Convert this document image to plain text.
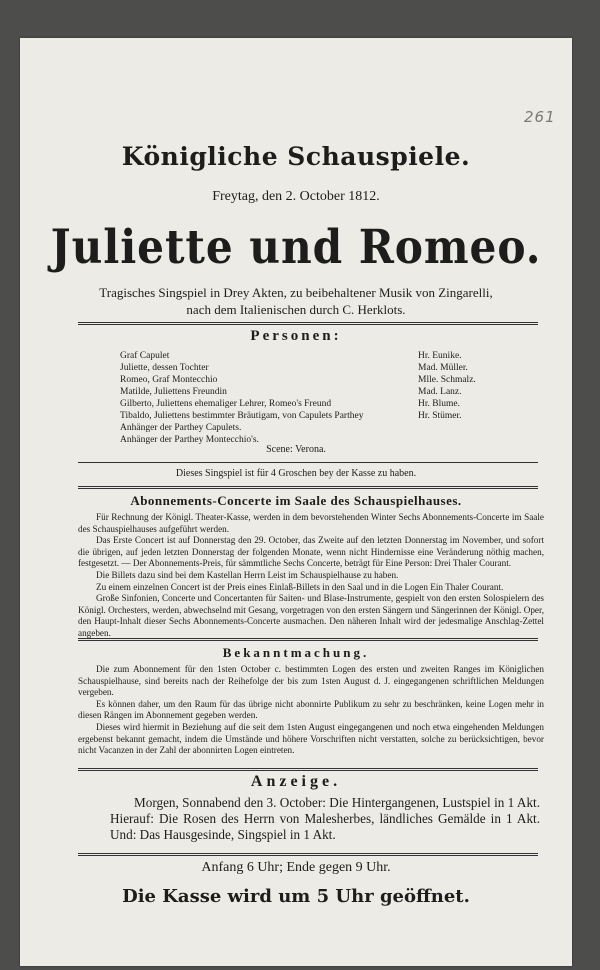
261
Königliche Schauspiele.
Freytag, den 2. October 1812.
Juliette und Romeo.
Tragisches Singspiel in Drey Akten, zu beibehaltener Musik von Zingarelli,
nach dem Italienischen durch C. Herklots.
Personen:
Graf Capulet
Juliette, dessen Tochter
Romeo, Graf Montecchio
Matilde, Juliettens Freundin
Gilberto, Juliettens ehemaliger Lehrer, Romeo's Freund
Tibaldo, Juliettens bestimmter Bräutigam, von Capulets Parthey
Anhänger der Parthey Capulets.
Anhänger der Parthey Montecchio's.
Hr. Eunike.
Mad. Müller.
Mlle. Schmalz.
Mad. Lanz.
Hr. Blume.
Hr. Stümer.
Scene: Verona.
Dieses Singspiel ist für 4 Groschen bey der Kasse zu haben.
Abonnements-Concerte im Saale des Schauspielhauses.

Für Rechnung der Königl. Theater-Kasse, werden in dem bevorstehenden Winter Sechs Abonnements-Concerte im Saale des Schauspielhauses aufgeführt werden.

Das Erste Concert ist auf Donnerstag den 29. October, das Zweite auf den letzten Donnerstag im November, und sofort die übrigen, auf jeden letzten Donnerstag der folgenden Monate, wenn nicht Hindernisse eine Veränderung nöthig machen, festgesetzt. — Der Abonnements-Preis, für sämmtliche Sechs Concerte, beträgt für Eine Person: Drei Thaler Courant.

Die Billets dazu sind bei dem Kastellan Herrn Leist im Schauspielhause zu haben.

Zu einem einzelnen Concert ist der Preis eines Einlaß-Billets in den Saal und in die Logen Ein Thaler Courant.

Große Sinfonien, Concerte und Concertanten für Saiten- und Blase-Instrumente, gespielt von den ersten Solospielern des Königl. Orchesters, werden, abwechselnd mit Gesang, vorgetragen von den ersten Sängern und Sängerinnen der Königl. Oper, den Haupt-Inhalt dieser Sechs Abonnements-Concerte ausmachen. Den näheren Inhalt wird der jedesmalige Anschlag-Zettel angeben.

Bekanntmachung.

Die zum Abonnement für den 1sten October c. bestimmten Logen des ersten und zweiten Ranges im Königlichen Schauspielhause, sind bereits nach der Reihefolge der bis zum 1sten August d. J. eingegangenen schriftlichen Meldungen vergeben.

Es können daher, um den Raum für das übrige nicht abonnirte Publikum zu sehr zu beschränken, keine Logen mehr in diesen Rängen im Abonnement gegeben werden.

Dieses wird hiermit in Beziehung auf die seit dem 1sten August eingegangenen und noch etwa eingehenden Meldungen ergebenst bekannt gemacht, indem die Umstände und höhere Vorschriften nicht verstatten, solche zu berücksichtigen, bevor nicht Vacanzen in der Zahl der abonnirten Logen eintreten.

Anzeige.

Morgen, Sonnabend den 3. October: Die Hintergangenen, Lustspiel in 1 Akt. Hierauf: Die Rosen des Herrn von Malesherbes, ländliches Gemälde in 1 Akt. Und: Das Hausgesinde, Singspiel in 1 Akt.

Anfang 6 Uhr; Ende gegen 9 Uhr.
Die Kasse wird um 5 Uhr geöffnet.
